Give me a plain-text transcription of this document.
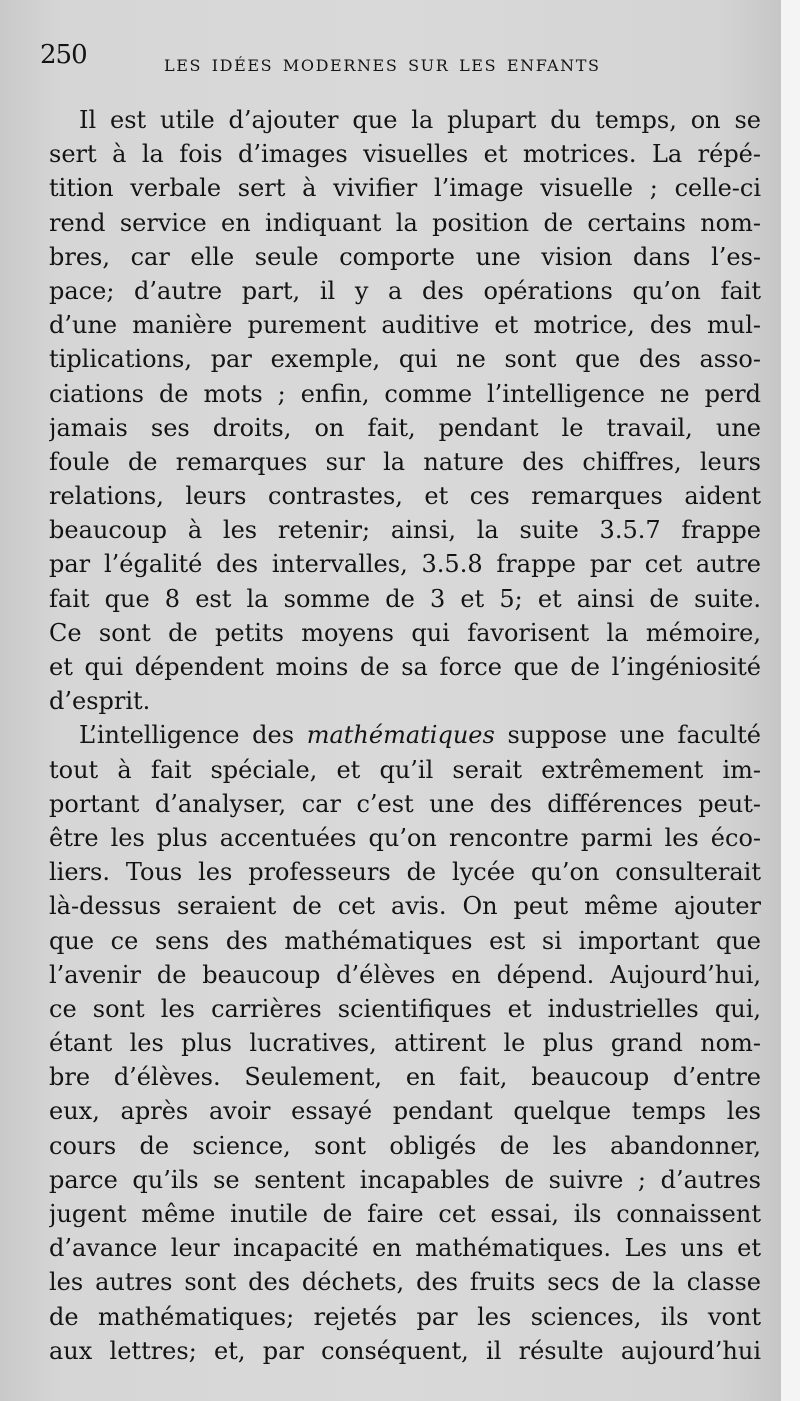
250	LES IDÉES MODERNES SUR LES ENFANTS
Il est utile d’ajouter que la plupart du temps, on se
sert à la fois d’images visuelles et motrices. La répé-
tition verbale sert à vivifier l’image visuelle ; celle-ci
rend service en indiquant la position de certains nom-
bres, car elle seule comporte une vision dans l’es-
pace; d’autre part, il y a des opérations qu’on fait
d’une manière purement auditive et motrice, des mul-
tiplications, par exemple, qui ne sont que des asso-
ciations de mots ; enfin, comme l’intelligence ne perd
jamais ses droits, on fait, pendant le travail, une
foule de remarques sur la nature des chiffres, leurs
relations, leurs contrastes, et ces remarques aident
beaucoup à les retenir; ainsi, la suite 3.5.7 frappe
par l’égalité des intervalles, 3.5.8 frappe par cet autre
fait que 8 est la somme de 3 et 5; et ainsi de suite.
Ce sont de petits moyens qui favorisent la mémoire,
et qui dépendent moins de sa force que de l’ingéniosité
d’esprit.
L’intelligence des mathématiques suppose une faculté
tout à fait spéciale, et qu’il serait extrêmement im-
portant d’analyser, car c’est une des différences peut-
être les plus accentuées qu’on rencontre parmi les éco-
liers. Tous les professeurs de lycée qu’on consulterait
là-dessus seraient de cet avis. On peut même ajouter
que ce sens des mathématiques est si important que
l’avenir de beaucoup d’élèves en dépend. Aujourd’hui,
ce sont les carrières scientifiques et industrielles qui,
étant les plus lucratives, attirent le plus grand nom-
bre d’élèves. Seulement, en fait, beaucoup d’entre
eux, après avoir essayé pendant quelque temps les
cours de science, sont obligés de les abandonner,
parce qu’ils se sentent incapables de suivre ; d’autres
jugent même inutile de faire cet essai, ils connaissent
d’avance leur incapacité en mathématiques. Les uns et
les autres sont des déchets, des fruits secs de la classe
de mathématiques; rejetés par les sciences, ils vont
aux lettres; et, par conséquent, il résulte aujourd’hui
